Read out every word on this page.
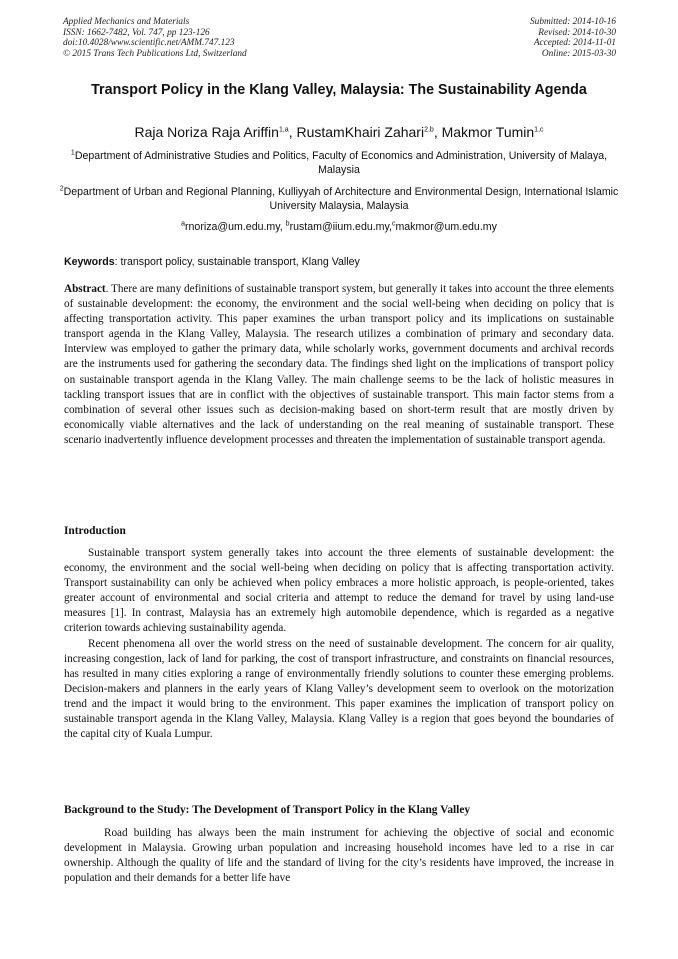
Applied Mechanics and Materials
ISSN: 1662-7482, Vol. 747, pp 123-126
doi:10.4028/www.scientific.net/AMM.747.123
© 2015 Trans Tech Publications Ltd, Switzerland
Submitted: 2014-10-16
Revised: 2014-10-30
Accepted: 2014-11-01
Online: 2015-03-30
Transport Policy in the Klang Valley, Malaysia: The Sustainability Agenda
Raja Noriza Raja Ariffin$^{1,a}$, RustamKhairi Zahari$^{2,b}$, Makmor Tumin$^{1,c}$
$^1$Department of Administrative Studies and Politics, Faculty of Economics and Administration, University of Malaya, Malaysia
$^2$Department of Urban and Regional Planning, Kulliyyah of Architecture and Environmental Design, International Islamic University Malaysia, Malaysia
$^a$rnoriza@um.edu.my, $^b$rustam@iium.edu.my,$^c$makmor@um.edu.my
Keywords: transport policy, sustainable transport, Klang Valley
Abstract. There are many definitions of sustainable transport system, but generally it takes into account the three elements of sustainable development: the economy, the environment and the social well-being when deciding on policy that is affecting transportation activity. This paper examines the urban transport policy and its implications on sustainable transport agenda in the Klang Valley, Malaysia. The research utilizes a combination of primary and secondary data. Interview was employed to gather the primary data, while scholarly works, government documents and archival records are the instruments used for gathering the secondary data. The findings shed light on the implications of transport policy on sustainable transport agenda in the Klang Valley. The main challenge seems to be the lack of holistic measures in tackling transport issues that are in conflict with the objectives of sustainable transport. This main factor stems from a combination of several other issues such as decision-making based on short-term result that are mostly driven by economically viable alternatives and the lack of understanding on the real meaning of sustainable transport. These scenario inadvertently influence development processes and threaten the implementation of sustainable transport agenda.
Introduction

Sustainable transport system generally takes into account the three elements of sustainable development: the economy, the environment and the social well-being when deciding on policy that is affecting transportation activity. Transport sustainability can only be achieved when policy embraces a more holistic approach, is people-oriented, takes greater account of environmental and social criteria and attempt to reduce the demand for travel by using land-use measures [1]. In contrast, Malaysia has an extremely high automobile dependence, which is regarded as a negative criterion towards achieving sustainability agenda.

Recent phenomena all over the world stress on the need of sustainable development. The concern for air quality, increasing congestion, lack of land for parking, the cost of transport infrastructure, and constraints on financial resources, has resulted in many cities exploring a range of environmentally friendly solutions to counter these emerging problems. Decision-makers and planners in the early years of Klang Valley’s development seem to overlook on the motorization trend and the impact it would bring to the environment. This paper examines the implication of transport policy on sustainable transport agenda in the Klang Valley, Malaysia. Klang Valley is a region that goes beyond the boundaries of the capital city of Kuala Lumpur.

Background to the Study: The Development of Transport Policy in the Klang Valley

Road building has always been the main instrument for achieving the objective of social and economic development in Malaysia. Growing urban population and increasing household incomes have led to a rise in car ownership. Although the quality of life and the standard of living for the city’s residents have improved, the increase in population and their demands for a better life have
